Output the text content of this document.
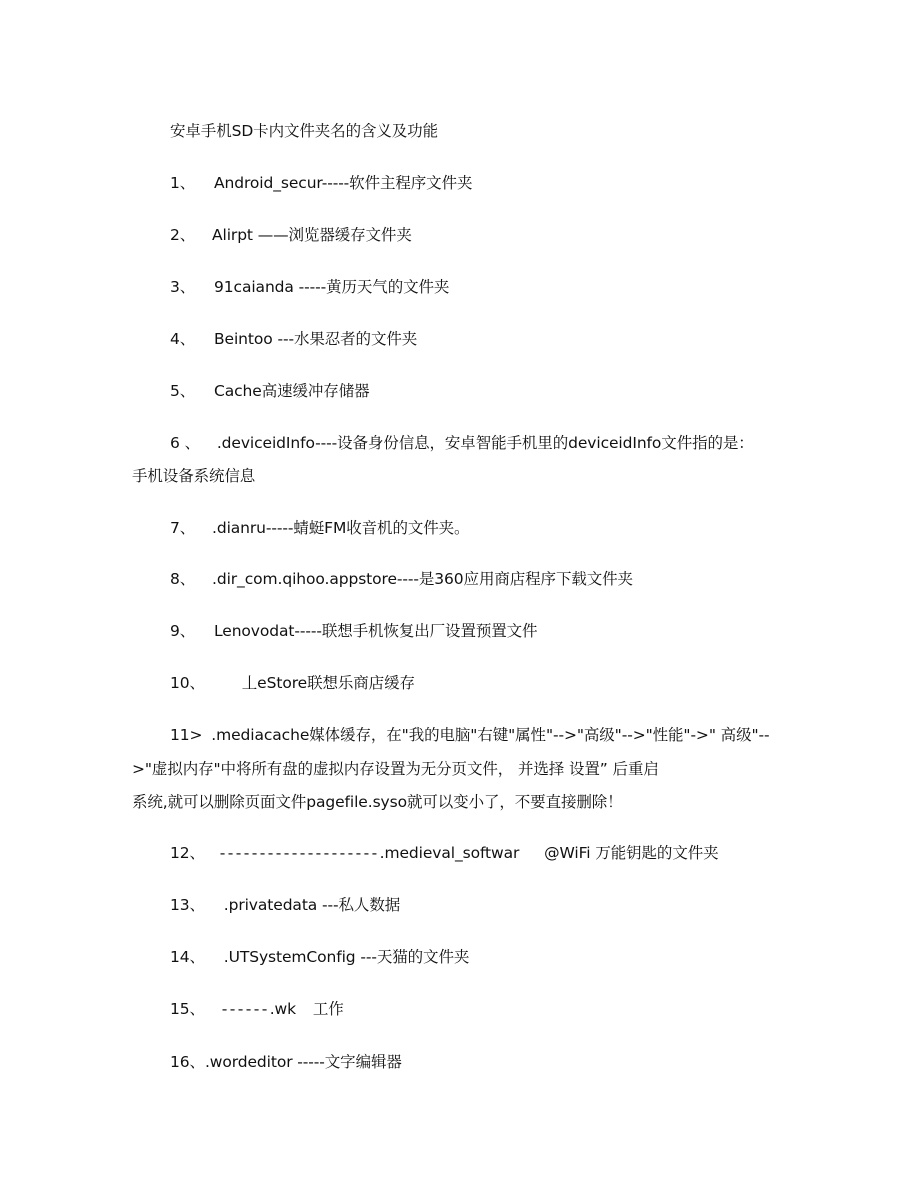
安卓手机SD卡内文件夹名的含义及功能
1、 Android_secur-----软件主程序文件夹
2、 Alirpt ——浏览器缓存文件夹
3、 91caianda -----黄历天气的文件夹
4、 Beintoo ---水果忍者的文件夹
5、 Cache高速缓冲存储器
6 、 .deviceidInfo----设备身份信息，安卓智能手机里的deviceidInfo文件指的是：
手机设备系统信息
7、 .dianru-----蜻蜓FM收音机的文件夹。
8、 .dir_com.qihoo.appstore----是360应用商店程序下载文件夹
9、 Lenovodat-----联想手机恢复出厂设置预置文件
10、 丄eStore联想乐商店缓存
11> .mediacache媒体缓存，在"我的电脑"右键"属性"-->"高级"-->"性能"->" 高级"--
>"虚拟内存"中将所有盘的虚拟内存设置为无分页文件， 并选择 设置” 后重启
系统,就可以删除页面文件pagefile.syso就可以变小了，不要直接删除！
12、 --------------------.medieval_softwar @WiFi 万能钥匙的文件夹
13、 .privatedata ---私人数据
14、 .UTSystemConfig ---天猫的文件夹
15、 ------.wk 工作
16、.wordeditor -----文字编辑器
